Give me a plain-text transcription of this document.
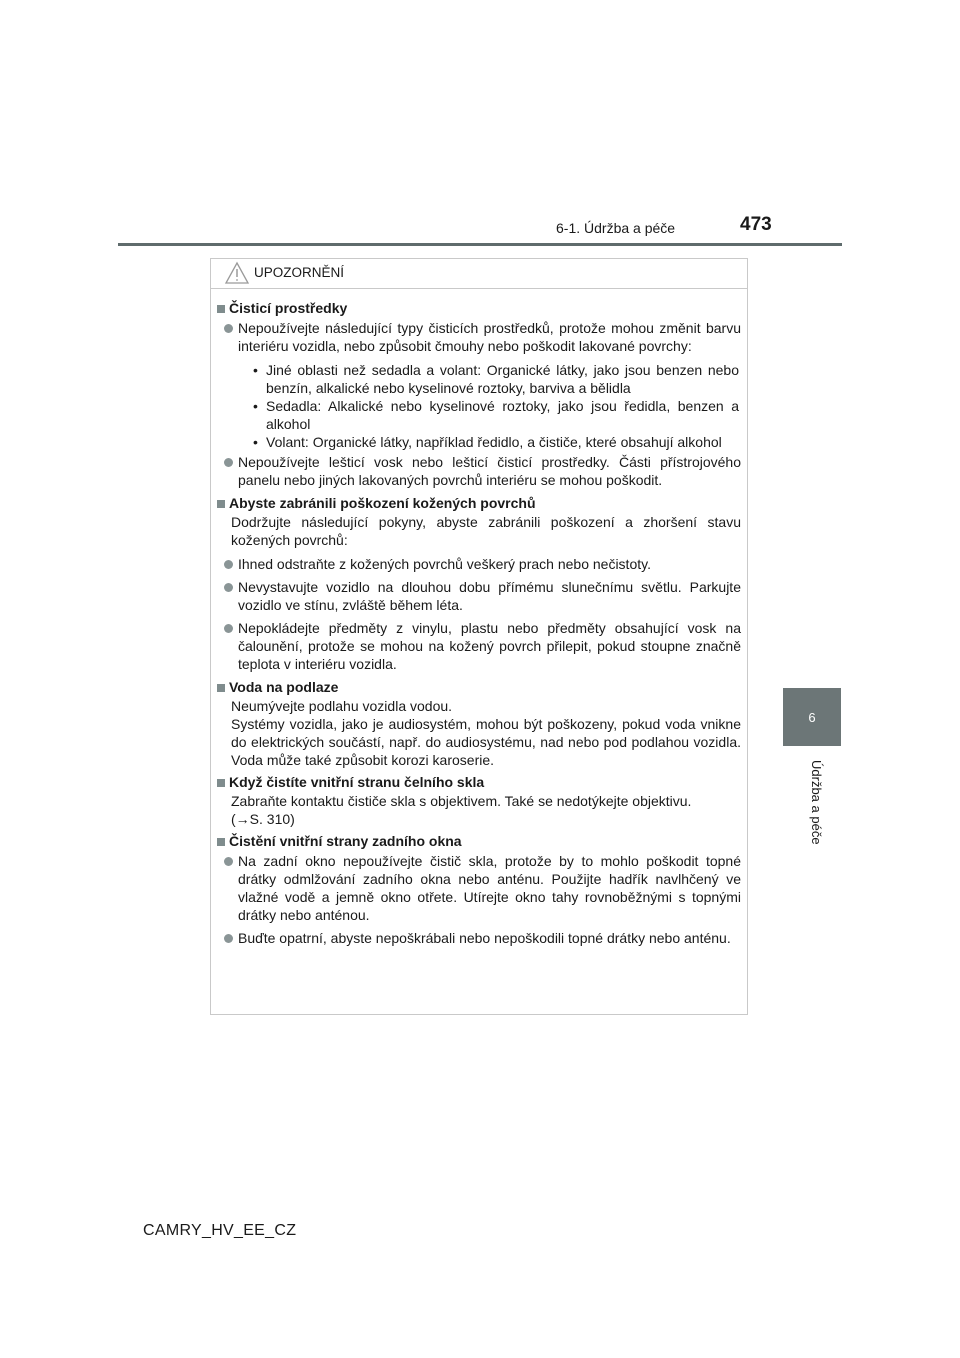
6-1. Údržba a péče	473
6
Údržba a péče
UPOZORNĚNÍ
Čisticí prostředky
Nepoužívejte následující typy čisticích prostředků, protože mohou změnit barvu interiéru vozidla, nebo způsobit čmouhy nebo poškodit lakované povrchy:
• Jiné oblasti než sedadla a volant: Organické látky, jako jsou benzen nebo benzín, alkalické nebo kyselinové roztoky, barviva a bělidla
• Sedadla: Alkalické nebo kyselinové roztoky, jako jsou ředidla, benzen a alkohol
• Volant: Organické látky, například ředidlo, a čističe, které obsahují alkohol
Nepoužívejte lešticí vosk nebo lešticí čisticí prostředky. Části přístrojového panelu nebo jiných lakovaných povrchů interiéru se mohou poškodit.
Abyste zabránili poškození kožených povrchů
Dodržujte následující pokyny, abyste zabránili poškození a zhoršení stavu kožených povrchů:
Ihned odstraňte z kožených povrchů veškerý prach nebo nečistoty.
Nevystavujte vozidlo na dlouhou dobu přímému slunečnímu světlu. Parkujte vozidlo ve stínu, zvláště během léta.
Nepokládejte předměty z vinylu, plastu nebo předměty obsahující vosk na čalounění, protože se mohou na kožený povrch přilepit, pokud stoupne značně teplota v interiéru vozidla.
Voda na podlaze
Neumývejte podlahu vozidla vodou.
Systémy vozidla, jako je audiosystém, mohou být poškozeny, pokud voda vnikne do elektrických součástí, např. do audiosystému, nad nebo pod podlahou vozidla. Voda může také způsobit korozi karoserie.
Když čistíte vnitřní stranu čelního skla
Zabraňte kontaktu čističe skla s objektivem. Také se nedotýkejte objektivu.
(→S. 310)
Čistění vnitřní strany zadního okna
Na zadní okno nepoužívejte čistič skla, protože by to mohlo poškodit topné drátky odmlžování zadního okna nebo anténu. Použijte hadřík navlhčený ve vlažné vodě a jemně okno otřete. Utírejte okno tahy rovnoběžnými s topnými drátky nebo anténou.
Buďte opatrní, abyste nepoškrábali nebo nepoškodili topné drátky nebo anténu.
CAMRY_HV_EE_CZ
